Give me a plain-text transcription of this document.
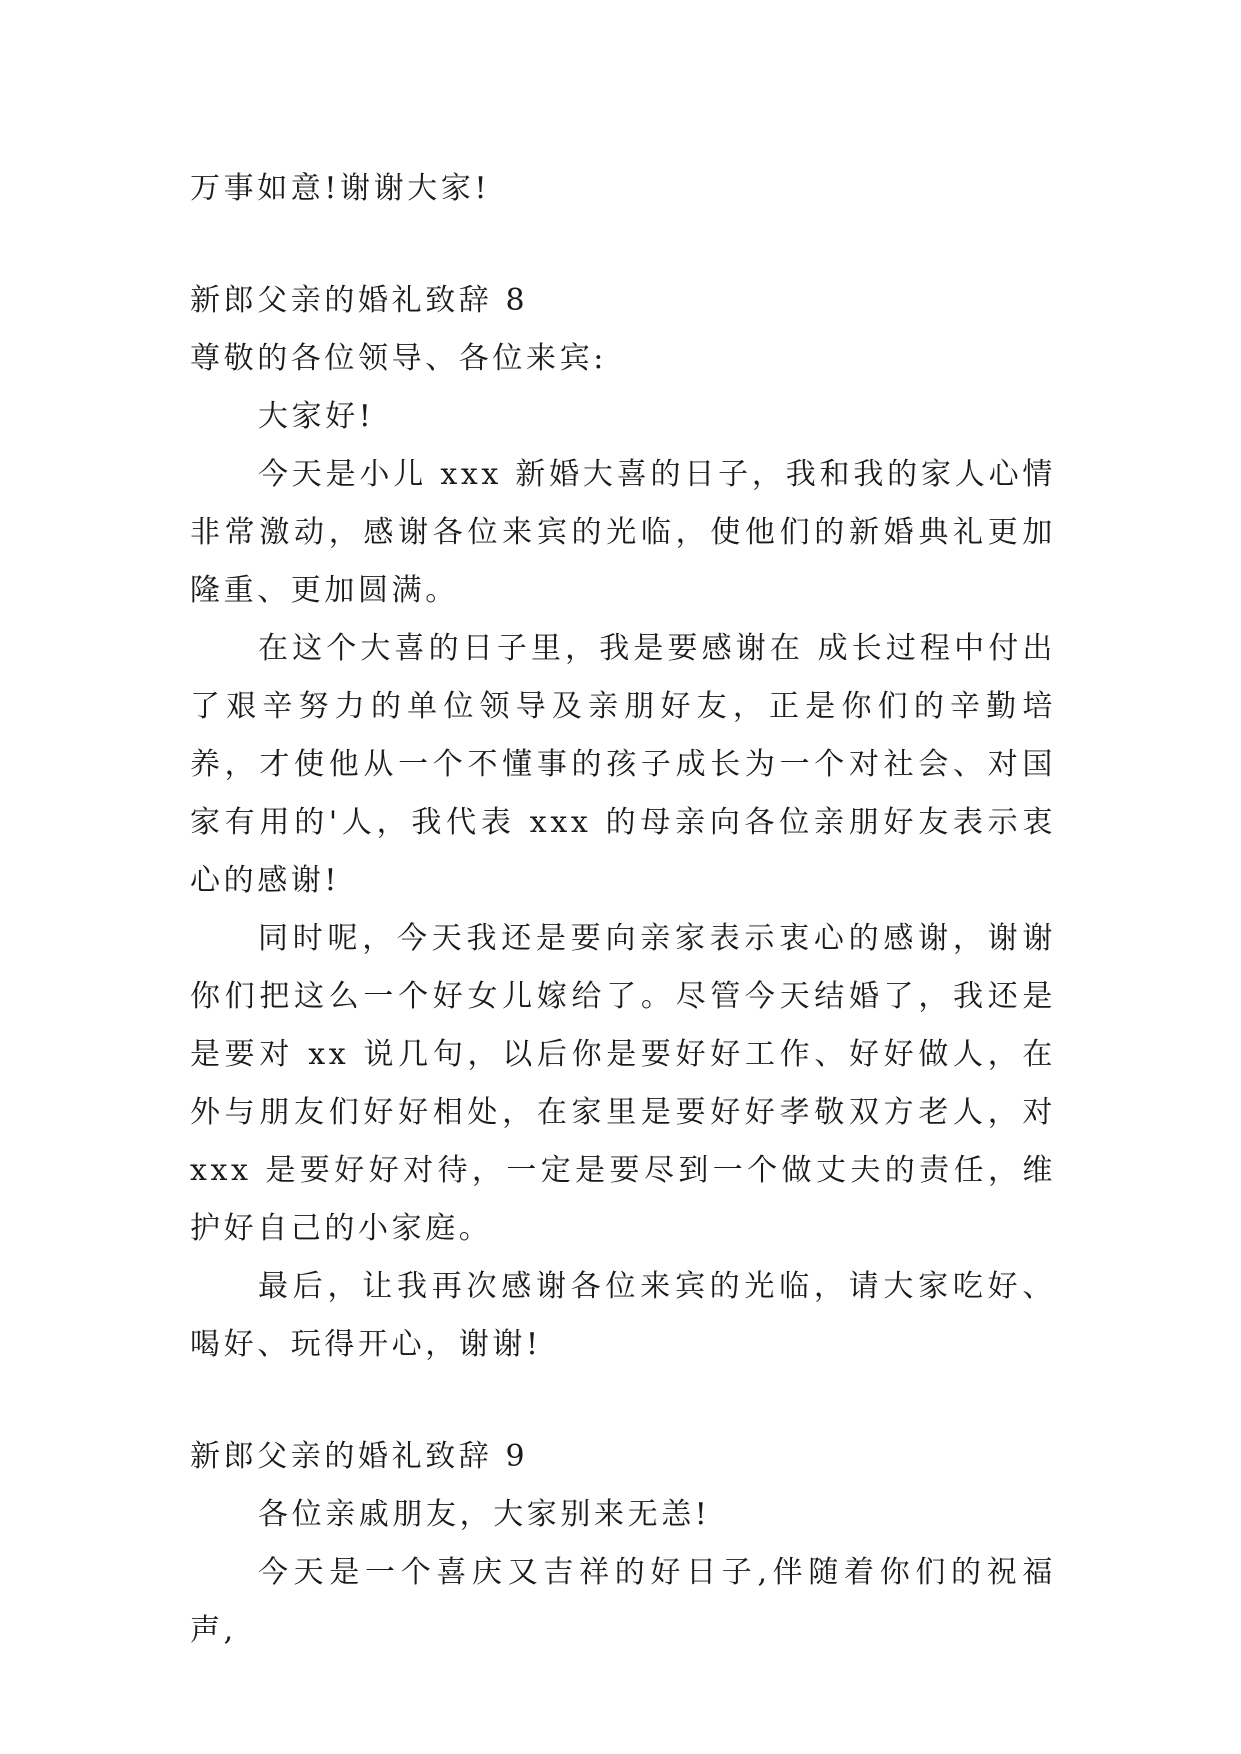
万事如意!谢谢大家!

新郎父亲的婚礼致辞 8

尊敬的各位领导、各位来宾:

大家好!

今天是小儿 xxx 新婚大喜的日子，我和我的家人心情非常激动，感谢各位来宾的光临，使他们的新婚典礼更加隆重、更加圆满。

在这个大喜的日子里，我是要感谢在 成长过程中付出了艰辛努力的单位领导及亲朋好友，正是你们的辛勤培养，才使他从一个不懂事的孩子成长为一个对社会、对国家有用的'人，我代表 xxx 的母亲向各位亲朋好友表示衷心的感谢!

同时呢，今天我还是要向亲家表示衷心的感谢，谢谢你们把这么一个好女儿嫁给了。尽管今天结婚了，我还是是要对 xx 说几句，以后你是要好好工作、好好做人，在外与朋友们好好相处，在家里是要好好孝敬双方老人，对 xxx 是要好好对待，一定是要尽到一个做丈夫的责任，维护好自己的小家庭。

最后，让我再次感谢各位来宾的光临，请大家吃好、喝好、玩得开心，谢谢!

新郎父亲的婚礼致辞 9

各位亲戚朋友，大家别来无恙!

今天是一个喜庆又吉祥的好日子,伴随着你们的祝福声,
